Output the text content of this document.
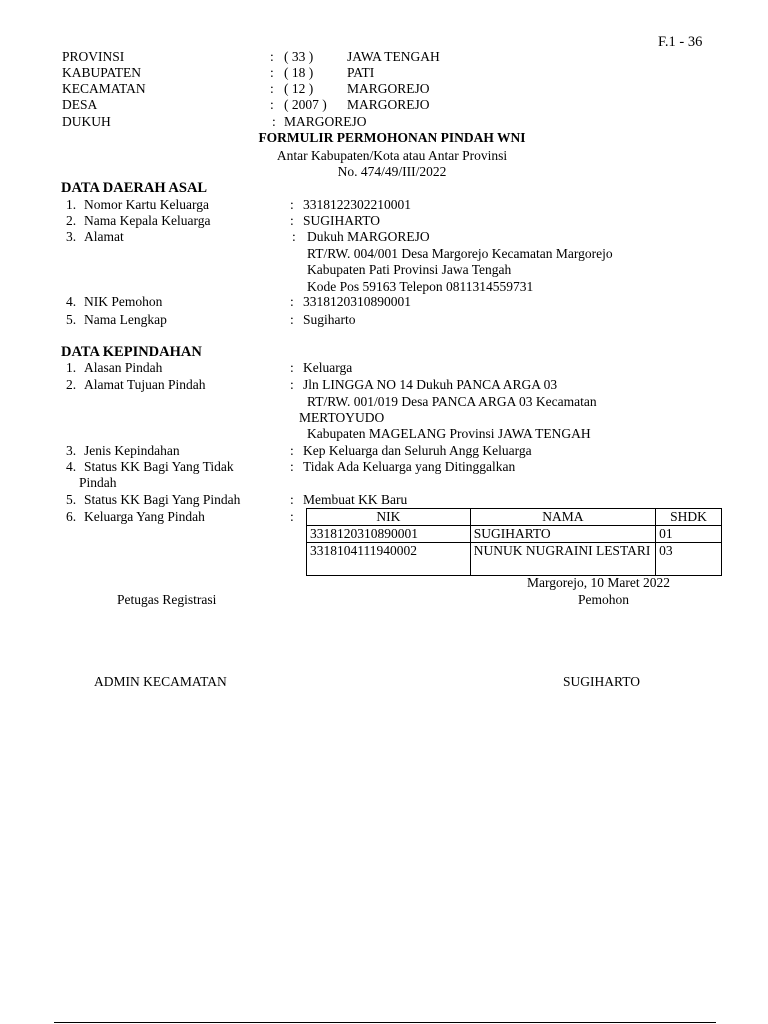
F.1 - 36
PROVINSI	: ( 33 )	JAWA TENGAH
KABUPATEN	: ( 18 )	PATI
KECAMATAN	: ( 12 )	MARGOREJO
DESA	: ( 2007 ) MARGOREJO
DUKUH	: MARGOREJO
FORMULIR PERMOHONAN PINDAH WNI
Antar Kabupaten/Kota atau Antar Provinsi
No. 474/49/III/2022
DATA DAERAH ASAL
1. Nomor Kartu Keluarga	: 3318122302210001
2. Nama Kepala Keluarga	: SUGIHARTO
3. Alamat	: Dukuh MARGOREJO
RT/RW. 004/001 Desa Margorejo Kecamatan Margorejo
Kabupaten Pati Provinsi Jawa Tengah
Kode Pos 59163 Telepon 0811314559731
4. NIK Pemohon	: 3318120310890001
5. Nama Lengkap	: Sugiharto
DATA KEPINDAHAN
1. Alasan Pindah	: Keluarga
2. Alamat Tujuan Pindah	: Jln LINGGA NO 14 Dukuh PANCA ARGA 03
RT/RW. 001/019 Desa PANCA ARGA 03 Kecamatan
MERTOYUDO
Kabupaten MAGELANG Provinsi JAWA TENGAH
3. Jenis Kepindahan	: Kep Keluarga dan Seluruh Angg Keluarga
4. Status KK Bagi Yang Tidak
Pindah
: Tidak Ada Keluarga yang Ditinggalkan
5. Status KK Bagi Yang Pindah	: Membuat KK Baru
6. Keluarga Yang Pindah	:	NIK	NAMA	SHDK
3318120310890001	SUGIHARTO	01
3318104111940002	NUNUK NUGRAINI LESTARI	03
Margorejo, 10 Maret 2022
Petugas Registrasi	Pemohon
ADMIN KECAMATAN	SUGIHARTO
